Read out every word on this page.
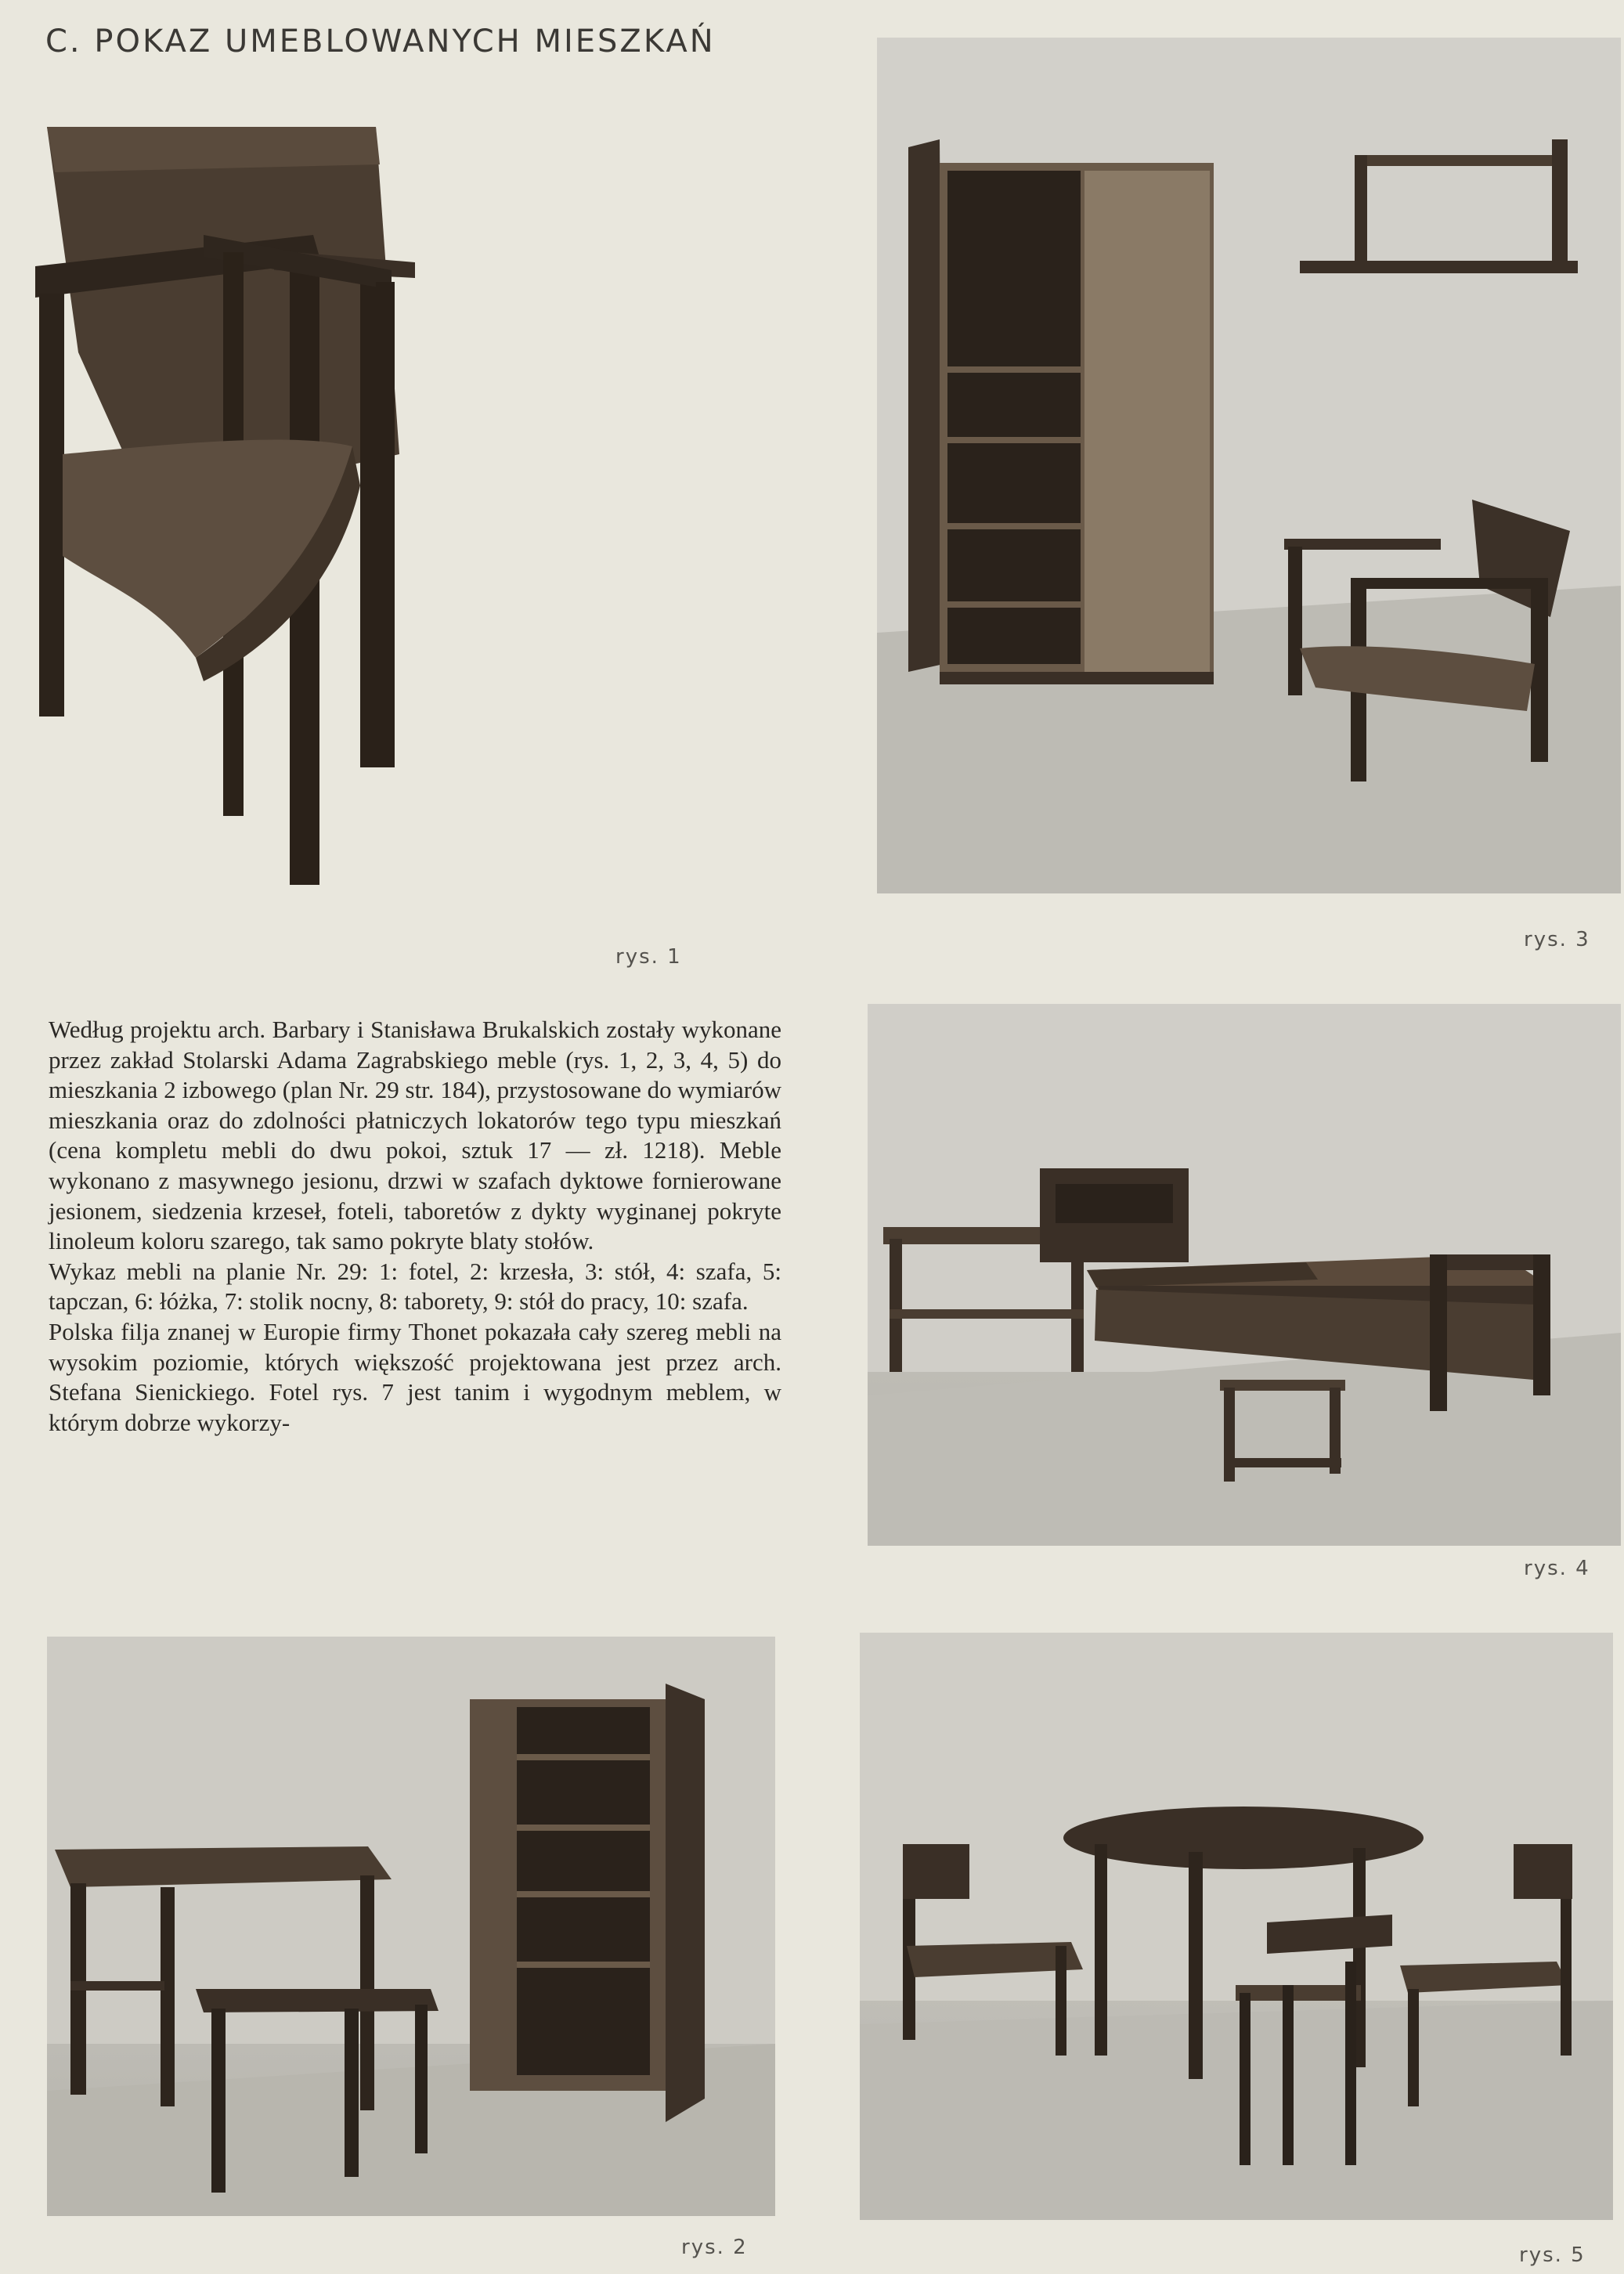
C. POKAZ UMEBLOWANYCH MIESZKAŃ
rys. 1
rys. 3

Według projektu arch. Barbary i Stanisława Brukalskich zostały wykonane przez zakład Stolarski Adama Zagrabskiego meble (rys. 1, 2, 3, 4, 5) do mieszkania 2 izbowego (plan Nr. 29 str. 184), przystosowane do wymiarów mieszkania oraz do zdolności płatniczych lokatorów tego typu mieszkań (cena kompletu mebli do dwu pokoi, sztuk 17 — zł. 1218). Meble wykonano z masywnego jesionu, drzwi w szafach dyktowe fornierowane jesionem, siedzenia krzeseł, foteli, taboretów z dykty wyginanej pokryte linoleum koloru szarego, tak samo pokryte blaty stołów.

Wykaz mebli na planie Nr. 29: 1: fotel, 2: krzesła, 3: stół, 4: szafa, 5: tapczan, 6: łóżka, 7: stolik nocny, 8: taborety, 9: stół do pracy, 10: szafa.

Polska filja znanej w Europie firmy Thonet pokazała cały szereg mebli na wysokim poziomie, których większość projektowana jest przez arch. Stefana Sienickiego. Fotel rys. 7 jest tanim i wygodnym meblem, w którym dobrze wykorzy-

rys. 4
rys. 2	rys. 5
